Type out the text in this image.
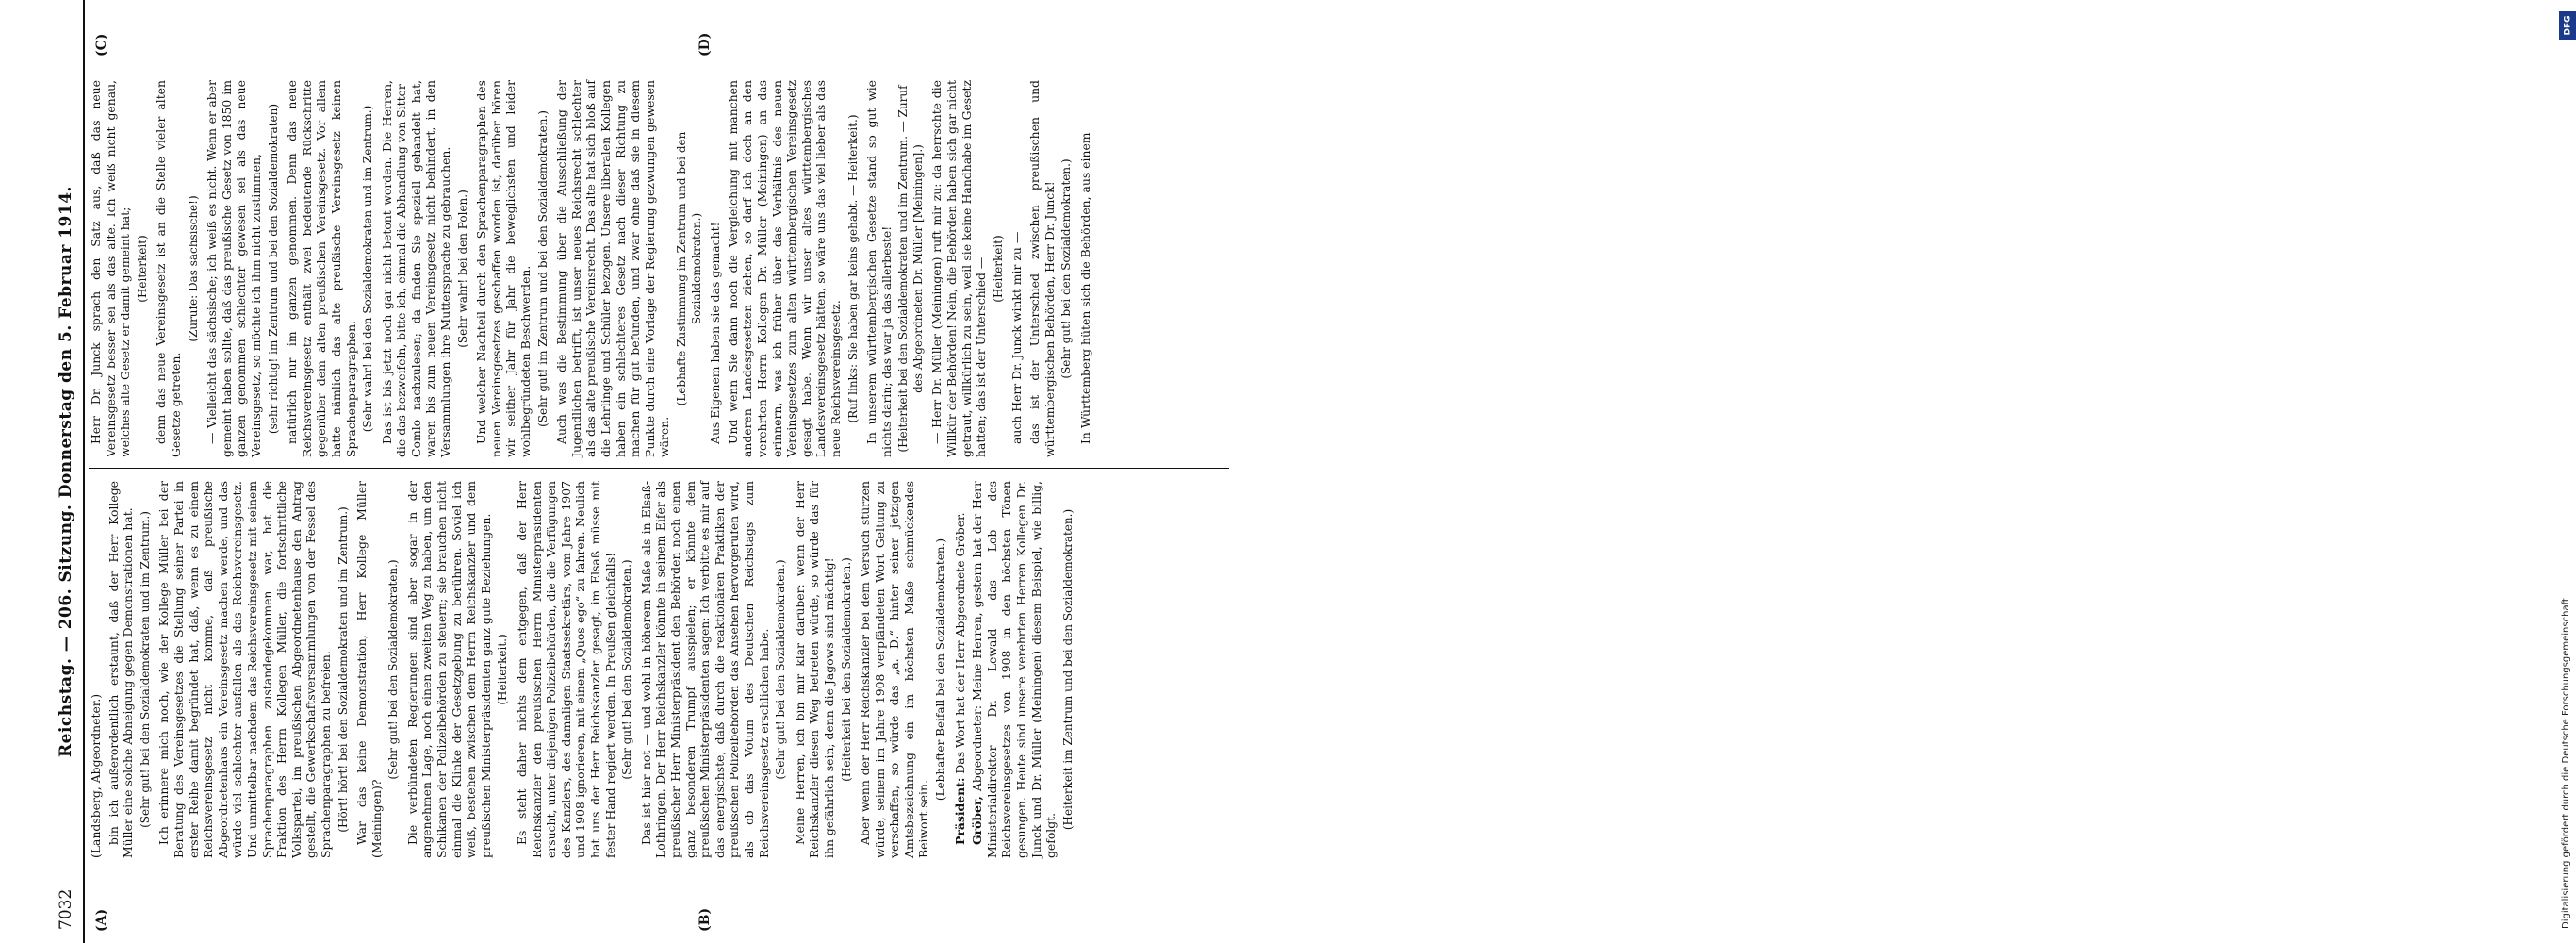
7032
Reichstag. — 206. Sitzung. Donnerstag den 5. Februar 1914.
(A)	(B)
(C)	(D)

(Landsberg, Abgeordneter.) bin ich außerordentlich erstaunt, daß der Herr Kollege Müller eine solche Abneigung gegen Demonstrationen hat. (Sehr gut! bei den Sozialdemokraten und im Zentrum.) Ich erinnere mich noch, wie der Kollege Müller bei der Beratung des Vereinsgesetzes die Stellung seiner Partei in erster Reihe damit begründet hat, daß, wenn es zu einem Reichsvereinsgesetz nicht komme, daß preußische Abgeordnetenhaus ein Vereinsgesetz machen werde, und das würde viel schlechter ausfallen als das Reichsvereinsgesetz. Und unmittelbar nachdem das Reichsvereinsgesetz mit seinem Sprachenparagraphen zustandegekommen war, hat die Fraktion des Herrn Kollegen Müller, die fortschrittliche Volkspartei, im preußischen Abgeordnetenhause den Antrag gestellt, die Gewerkschaftsversammlungen von der Fessel des Sprachenparagraphen zu befreien. (Hört! hört! bei den Sozialdemokraten und im Zentrum.) War das keine Demonstration, Herr Kollege Müller (Meiningen)?

(Sehr gut! bei den Sozialdemokraten.) Die verbündeten Regierungen sind aber sogar in der angenehmen Lage, noch einen zweiten Weg zu haben, um den Schikanen der Polizeibehörden zu steuern; sie brauchen nicht einmal die Klinke der Gesetzgebung zu berühren. Soviel ich weiß, bestehen zwischen dem Herrn Reichskanzler und dem preußischen Ministerpräsidenten ganz gute Beziehungen. (Heiterkeit.) Es steht daher nichts dem entgegen, daß der Herr Reichskanzler den preußischen Herrn Ministerpräsidenten ersucht, unter diejenigen Polizeibehörden, die die Verfügungen des Kanzlers, des damaligen Staatssekretärs, vom Jahre 1907 und 1908 ignorieren, mit einem „Quos ego“ zu fahren. Neulich hat uns der Herr Reichskanzler gesagt, im Elsaß müsse mit fester Hand regiert werden. In Preußen gleichfalls! (Sehr gut! bei den Sozialdemokraten.) Das ist hier not — und wohl in höherem Maße als in Elsaß-Lothringen. Der Herr Reichskanzler könnte in seinem Eifer als preußischer Herr Ministerpräsident den Behörden noch einen ganz besonderen Trumpf ausspielen; er könnte dem preußischen Ministerpräsidenten sagen: Ich verbitte es mir auf das energischste, daß durch die reaktionären Praktiken der preußischen Polizeibehörden das Ansehen hervorgerufen wird, als ob das Votum des Deutschen Reichstags zum Reichsvereinsgesetz erschlichen habe. (Sehr gut! bei den Sozialdemokraten.) Meine Herren, ich bin mir klar darüber: wenn der Herr Reichskanzler diesen Weg betreten würde, so würde das für ihn gefährlich sein; denn die Jagows sind mächtig! (Heiterkeit bei den Sozialdemokraten.) Aber wenn der Herr Reichskanzler bei dem Versuch stürzen würde, seinem im Jahre 1908 verpfändeten Wort Geltung zu verschaffen, so würde das „a. D.“ hinter seiner jetzigen Amtsbezeichnung ein im höchsten Maße schmückendes Beiwort sein.

(Lebhafter Beifall bei den Sozialdemokraten.)

Präsident: Das Wort hat der Herr Abgeordnete Gröber.

Gröber, Abgeordneter: Meine Herren, gestern hat der Herr Ministerialdirektor Dr. Lewald das Lob des Reichsvereinsgesetzes von 1908 in den höchsten Tönen gesungen. Heute sind unsere verehrten Herren Kollegen Dr. Junck und Dr. Müller (Meiningen) diesem Beispiel, wie billig, gefolgt.

(Heiterkeit im Zentrum und bei den Sozialdemokraten.)

Herr Dr. Junck sprach den Satz aus, daß das neue Vereinsgesetz besser sei als das alte. Ich weiß nicht genau, welches alte Gesetz er damit gemeint hat; (Heiterkeit) denn das neue Vereinsgesetz ist an die Stelle vieler alten Gesetze getreten.

(Zurufe: Das sächsische!) — Vielleicht das sächsische; ich weiß es nicht. Wenn er aber gemeint haben sollte, daß das preußische Gesetz von 1850 im ganzen genommen schlechter gewesen sei als das neue Vereinsgesetz, so möchte ich ihm nicht zustimmen, (sehr richtig! im Zentrum und bei den Sozialdemokraten) natürlich nur im ganzen genommen. Denn das neue Reichsvereinsgesetz enthält zwei bedeutende Rückschritte gegenüber dem alten preußischen Vereinsgesetz. Vor allem hatte nämlich das alte preußische Vereinsgesetz keinen Sprachenparagraphen. (Sehr wahr! bei den Sozialdemokraten und im Zentrum.) Das ist bis jetzt noch gar nicht betont worden. Die Herren, die das bezweifeln, bitte ich, einmal die Abhandlung von Sitter-Comlo nachzulesen; da finden Sie speziell gehandelt hat, waren bis zum neuen Vereinsgesetz nicht behindert, in den Versammlungen ihre Muttersprache zu gebrauchen. (Sehr wahr! bei den Polen.) Und welcher Nachteil durch den Sprachenparagraphen des neuen Vereinsgesetzes geschaffen worden ist, darüber hören wir seither Jahr für Jahr die beweglichsten und leider wohlbegründeten Beschwerden. (Sehr gut! im Zentrum und bei den Sozialdemokraten.) Auch was die Bestimmung über die Ausschließung der Jugendlichen betrifft, ist unser neues Reichsrecht schlechter als das alte preußische Vereinsrecht. Das alte hat sich bloß auf die Lehrlinge und Schüler bezogen. Unsere liberalen Kollegen haben ein schlechteres Gesetz nach dieser Richtung zu machen für gut befunden, und zwar ohne daß sie in diesem Punkte durch eine Vorlage der Regierung gezwungen gewesen wären.

(Lebhafte Zustimmung im Zentrum und bei den Sozialdemokraten.) Aus Eigenem haben sie das gemacht! Und wenn Sie dann noch die Vergleichung mit manchen anderen Landesgesetzen ziehen, so darf ich doch an den verehrten Herrn Kollegen Dr. Müller (Meiningen) an das erinnern, was ich früher über das Verhältnis des neuen Vereinsgesetzes zum alten württembergischen Vereinsgesetz gesagt habe. Wenn wir unser altes württembergisches Landesvereinsgesetz hätten, so wäre uns das viel lieber als das neue Reichsvereinsgesetz. (Ruf links: Sie haben gar keins gehabt. — Heiterkeit.) In unserem württembergischen Gesetze stand so gut wie nichts darin; das war ja das allerbeste! (Heiterkeit bei den Sozialdemokraten und im Zentrum. — Zuruf des Abgeordneten Dr. Müller [Meiningen].) — Herr Dr. Müller (Meiningen) ruft mir zu: da herrschte die Willkür der Behörden! Nein, die Behörden haben sich gar nicht getraut, willkürlich zu sein, weil sie keine Handhabe im Gesetz hatten; das ist der Unterschied — (Heiterkeit) auch Herr Dr. Junck winkt mir zu — das ist der Unterschied zwischen preußischen und württembergischen Behörden, Herr Dr. Junck! (Sehr gut! bei den Sozialdemokraten.) In Württemberg hüten sich die Behörden, aus einem

DFG
Digitalisierung gefördert durch die Deutsche Forschungsgemeinschaft
